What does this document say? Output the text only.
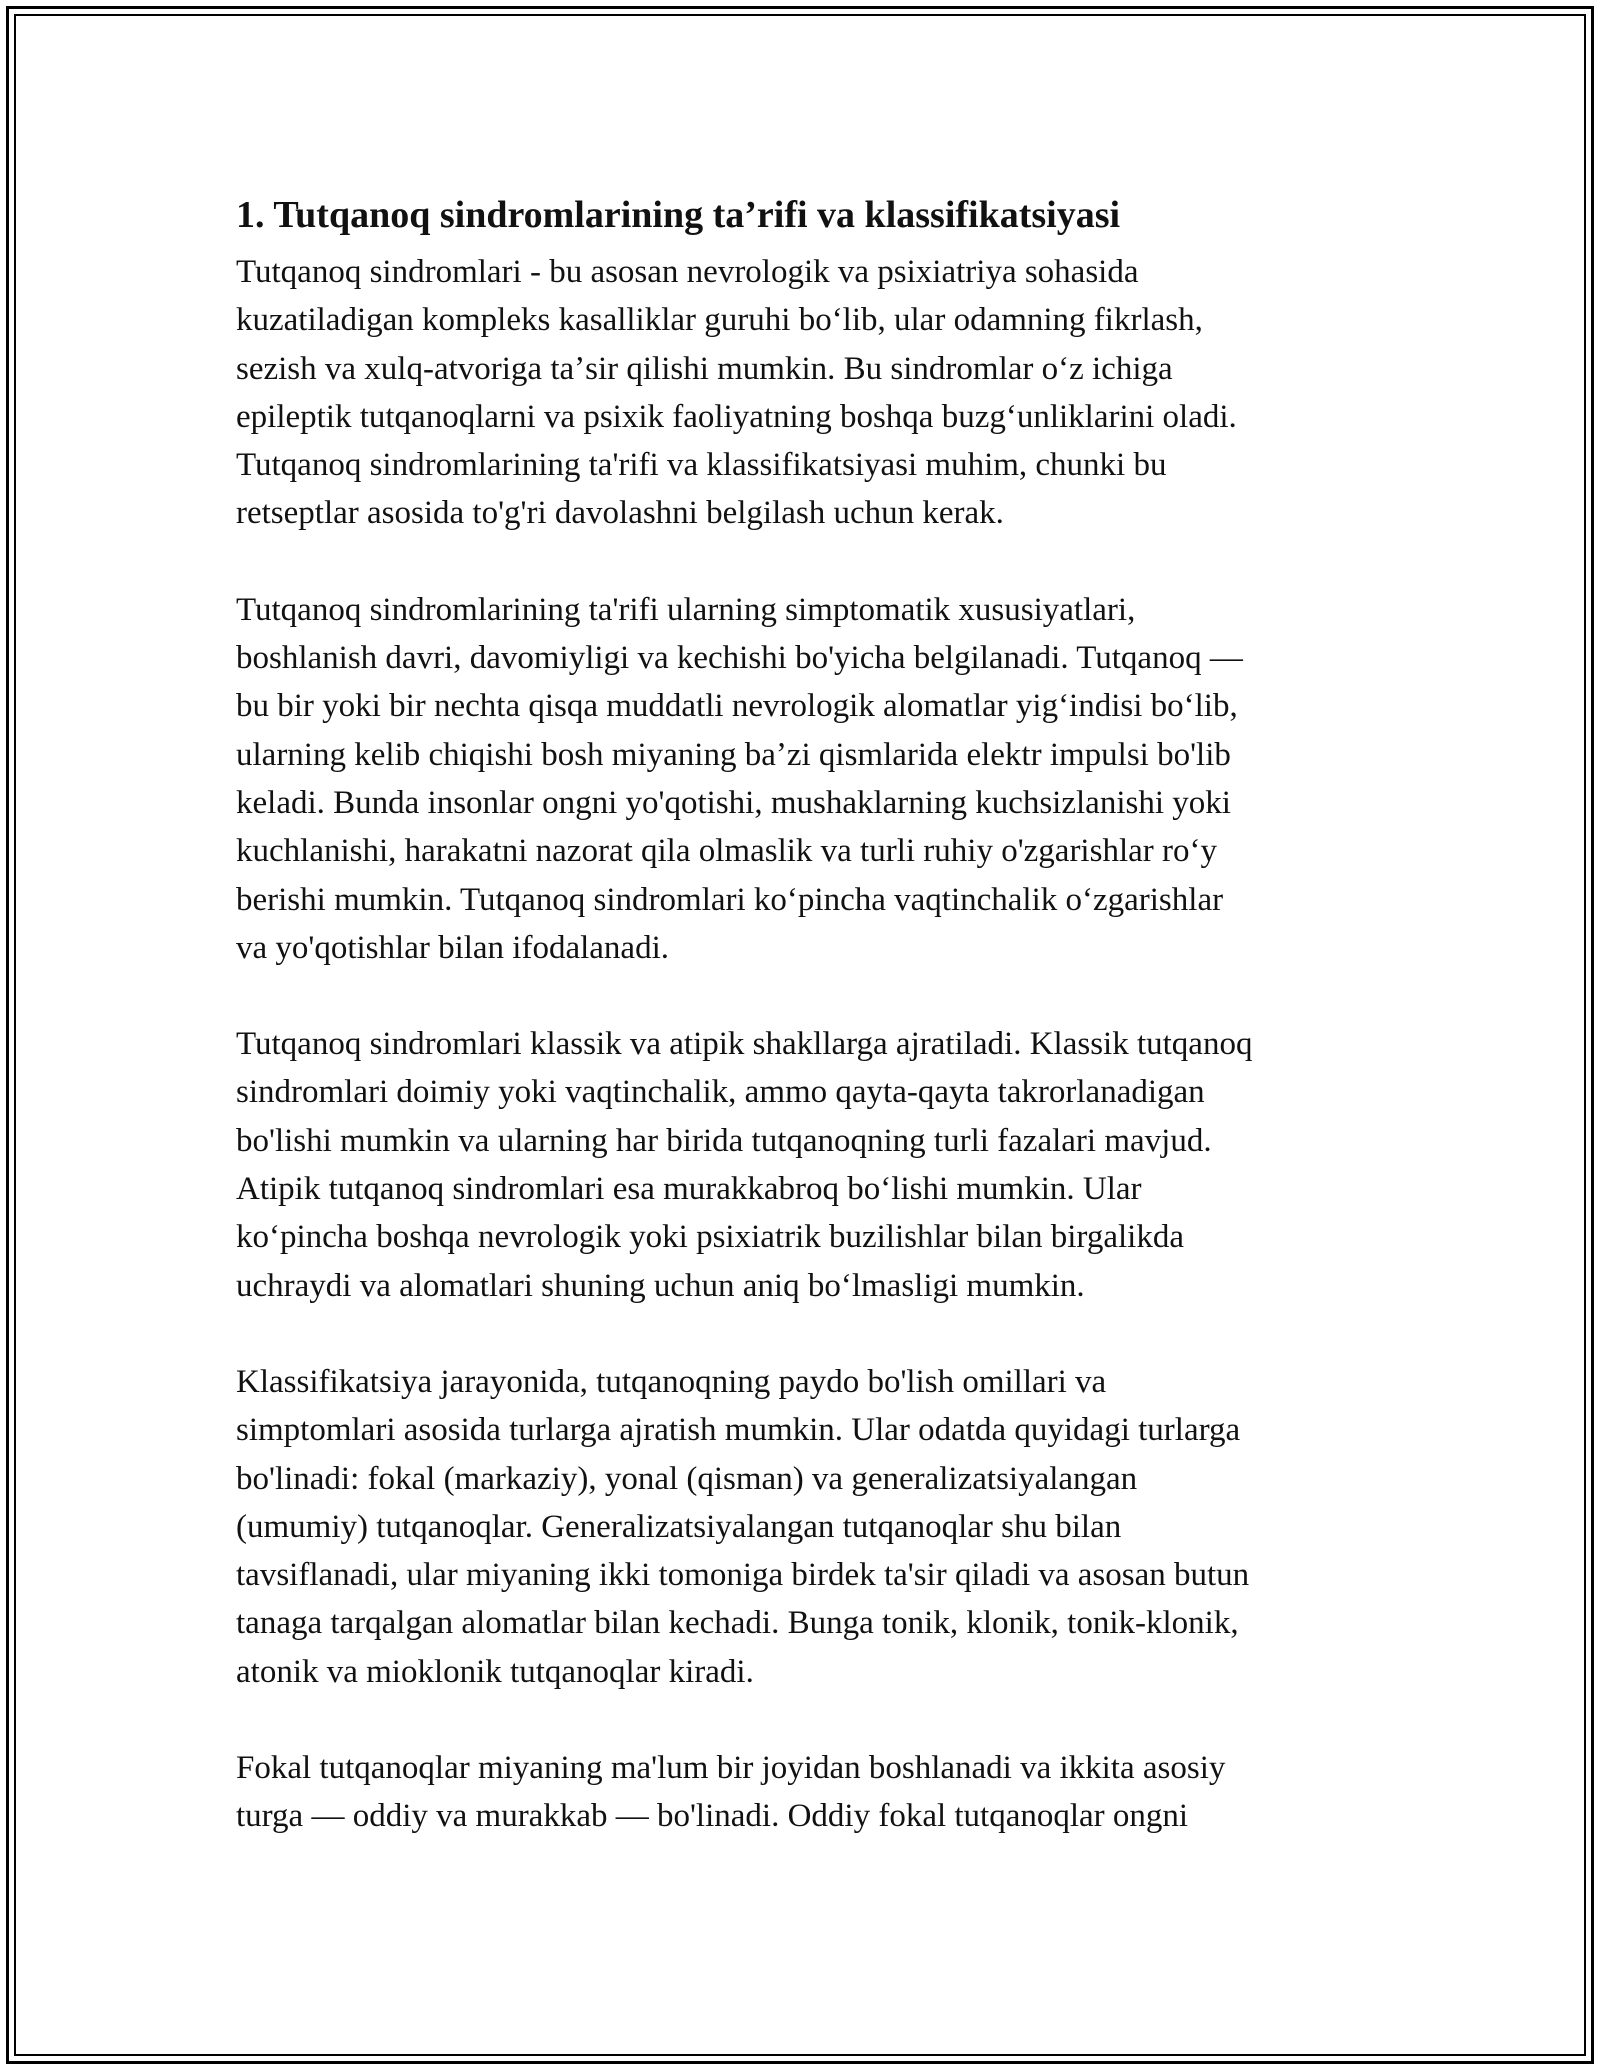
1. Tutqanoq sindromlarining ta’rifi va klassifikatsiyasi
Tutqanoq sindromlari - bu asosan nevrologik va psixiatriya sohasida
kuzatiladigan kompleks kasalliklar guruhi boʻlib, ular odamning fikrlash,
sezish va xulq-atvoriga taʼsir qilishi mumkin. Bu sindromlar oʻz ichiga
epileptik tutqanoqlarni va psixik faoliyatning boshqa buzgʻunliklarini oladi.
Tutqanoq sindromlarining ta'rifi va klassifikatsiyasi muhim, chunki bu
retseptlar asosida to'g'ri davolashni belgilash uchun kerak.
Tutqanoq sindromlarining ta'rifi ularning simptomatik xususiyatlari,
boshlanish davri, davomiyligi va kechishi bo'yicha belgilanadi. Tutqanoq —
bu bir yoki bir nechta qisqa muddatli nevrologik alomatlar yigʻindisi boʻlib,
ularning kelib chiqishi bosh miyaning baʼzi qismlarida elektr impulsi bo'lib
keladi. Bunda insonlar ongni yo'qotishi, mushaklarning kuchsizlanishi yoki
kuchlanishi, harakatni nazorat qila olmaslik va turli ruhiy o'zgarishlar roʻy
berishi mumkin. Tutqanoq sindromlari koʻpincha vaqtinchalik oʻzgarishlar
va yo'qotishlar bilan ifodalanadi.
Tutqanoq sindromlari klassik va atipik shakllarga ajratiladi. Klassik tutqanoq
sindromlari doimiy yoki vaqtinchalik, ammo qayta-qayta takrorlanadigan
bo'lishi mumkin va ularning har birida tutqanoqning turli fazalari mavjud.
Atipik tutqanoq sindromlari esa murakkabroq boʻlishi mumkin. Ular
koʻpincha boshqa nevrologik yoki psixiatrik buzilishlar bilan birgalikda
uchraydi va alomatlari shuning uchun aniq boʻlmasligi mumkin.
Klassifikatsiya jarayonida, tutqanoqning paydo bo'lish omillari va
simptomlari asosida turlarga ajratish mumkin. Ular odatda quyidagi turlarga
bo'linadi: fokal (markaziy), yonal (qisman) va generalizatsiyalangan
(umumiy) tutqanoqlar. Generalizatsiyalangan tutqanoqlar shu bilan
tavsiflanadi, ular miyaning ikki tomoniga birdek ta'sir qiladi va asosan butun
tanaga tarqalgan alomatlar bilan kechadi. Bunga tonik, klonik, tonik-klonik,
atonik va mioklonik tutqanoqlar kiradi.
Fokal tutqanoqlar miyaning ma'lum bir joyidan boshlanadi va ikkita asosiy
turga — oddiy va murakkab — bo'linadi. Oddiy fokal tutqanoqlar ongni
